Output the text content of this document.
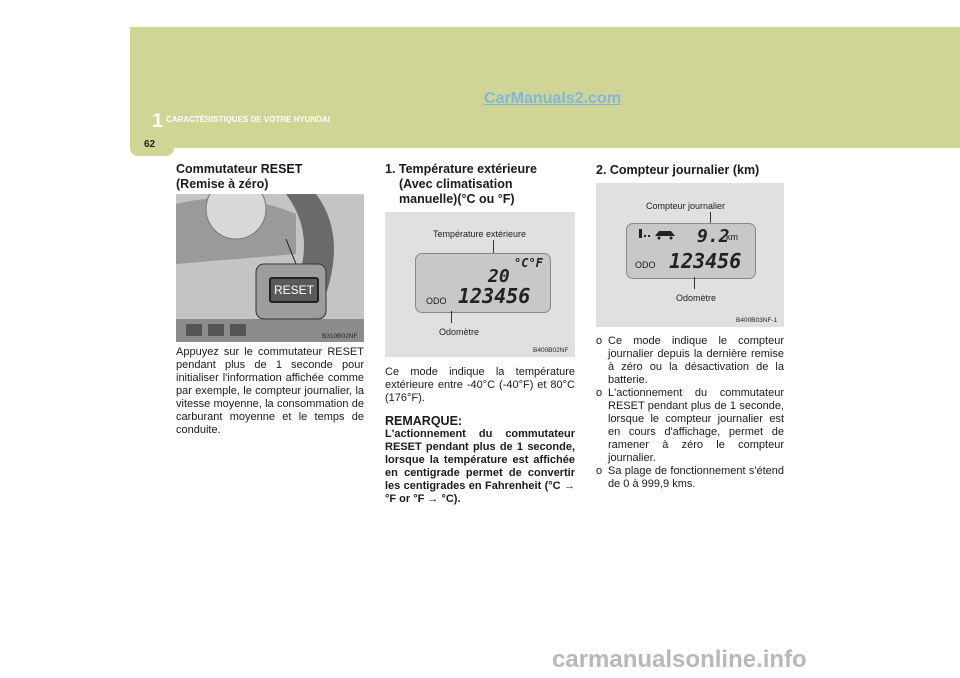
CarManuals2.com
1 CARACTÉRISTIQUES DE VOTRE HYUNDAI
62
Commutateur RESET
(Remise à zéro)
RESET
B310B02NF
Appuyez sur le commutateur RESET pendant plus de 1 seconde pour initialiser l'information affichée comme par exemple, le compteur journalier, la vitesse moyenne, la consommation de carburant moyenne et le temps de conduite.
1. Température extérieure
(Avec climatisation
manuelle)(°C ou °F)
Température extérieure
°C°F
20
ODO 123456
Odomètre
B400B02NF
Ce mode indique la température extérieure entre -40°C (-40°F) et 80°C (176°F).
REMARQUE:
L'actionnement du commutateur RESET pendant plus de 1 seconde, lorsque la température est affichée en centigrade permet de convertir les centigrades en Fahrenheit (°C → °F or °F → °C).
2. Compteur journalier (km)
Compteur journalier
9.2
km
ODO 123456
Odomètre
B400B03NF-1
o Ce mode indique le compteur journalier depuis la dernière remise à zéro ou la désactivation de la batterie.
o L'actionnement du commutateur RESET pendant plus de 1 seconde, lorsque le compteur journalier est en cours d'affichage, permet de ramener à zéro le compteur journalier.
o Sa plage de fonctionnement s'étend de 0 à 999,9 kms.
carmanualsonline.info
